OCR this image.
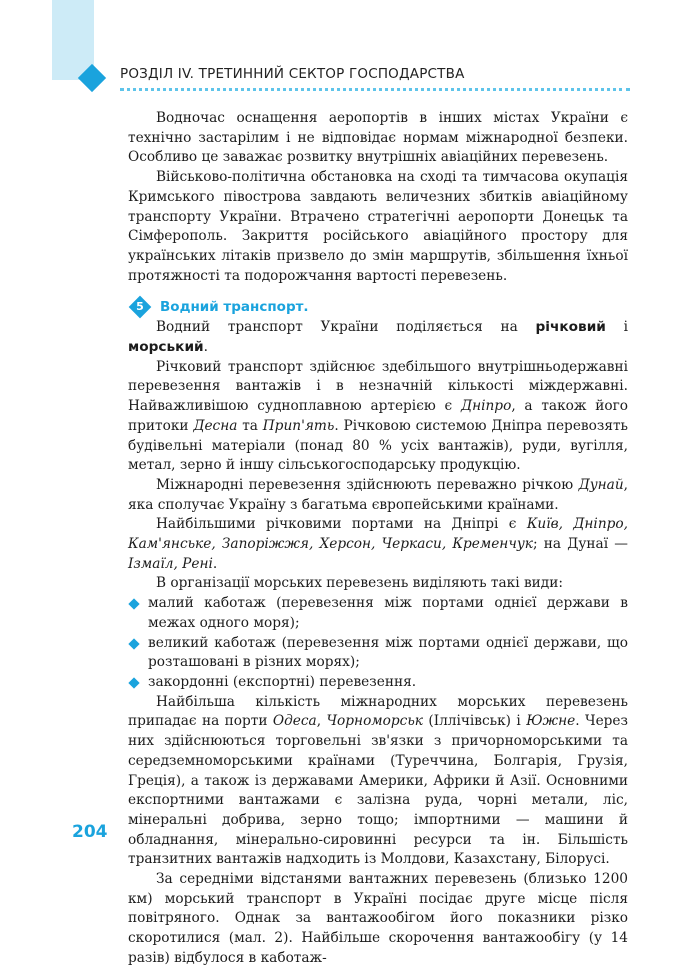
РОЗДІЛ IV. ТРЕТИННИЙ СЕКТОР ГОСПОДАРСТВА

Водночас оснащення аеропортів в інших містах України є технічно застарілим і не відповідає нормам міжнародної безпеки. Особливо це заважає розвитку внутрішніх авіаційних перевезень.

Військово-політична обстановка на сході та тимчасова окупація Кримського півострова завдають величезних збитків авіаційному транспорту України. Втрачено стратегічні аеропорти Донецьк та Сімферополь. Закриття російського авіаційного простору для українських літаків призвело до змін маршрутів, збільшення їхньої протяжності та подорожчання вартості перевезень.

5	Водний транспорт.

Водний транспорт України поділяється на річковий і морський.

Річковий транспорт здійснює здебільшого внутрішньодержавні перевезення вантажів і в незначній кількості міждержавні. Найважливішою судноплавною артерією є Дніпро, а також його притоки Десна та Прип'ять. Річковою системою Дніпра перевозять будівельні матеріали (понад 80 % усіх вантажів), руди, вугілля, метал, зерно й іншу сільськогосподарську продукцію.

Міжнародні перевезення здійснюють переважно річкою Дунай, яка сполучає Україну з багатьма європейськими країнами.

Найбільшими річковими портами на Дніпрі є Київ, Дніпро, Кам'янське, Запоріжжя, Херсон, Черкаси, Кременчук; на Дунаї — Ізмаїл, Рені.

В організації морських перевезень виділяють такі види:

малий каботаж (перевезення між портами однієї держави в межах одного моря);
великий каботаж (перевезення між портами однієї держави, що розташовані в різних морях);
закордонні (експортні) перевезення.

Найбільша кількість міжнародних морських перевезень припадає на порти Одеса, Чорноморськ (Іллічівськ) і Южне. Через них здійснюються торговельні зв'язки з причорноморськими та середземноморськими країнами (Туреччина, Болгарія, Грузія, Греція), а також із державами Америки, Африки й Азії. Основними експортними вантажами є залізна руда, чорні метали, ліс, мінеральні добрива, зерно тощо; імпортними — машини й обладнання, мінерально-сировинні ресурси та ін. Більшість транзитних вантажів надходить із Молдови, Казахстану, Білорусі.

За середніми відстанями вантажних перевезень (близько 1200 км) морський транспорт в Україні посідає друге місце після повітряного. Однак за вантажообігом його показники різко скоротилися (мал. 2). Найбільше скорочення вантажообігу (у 14 разів) відбулося в каботаж-

204
